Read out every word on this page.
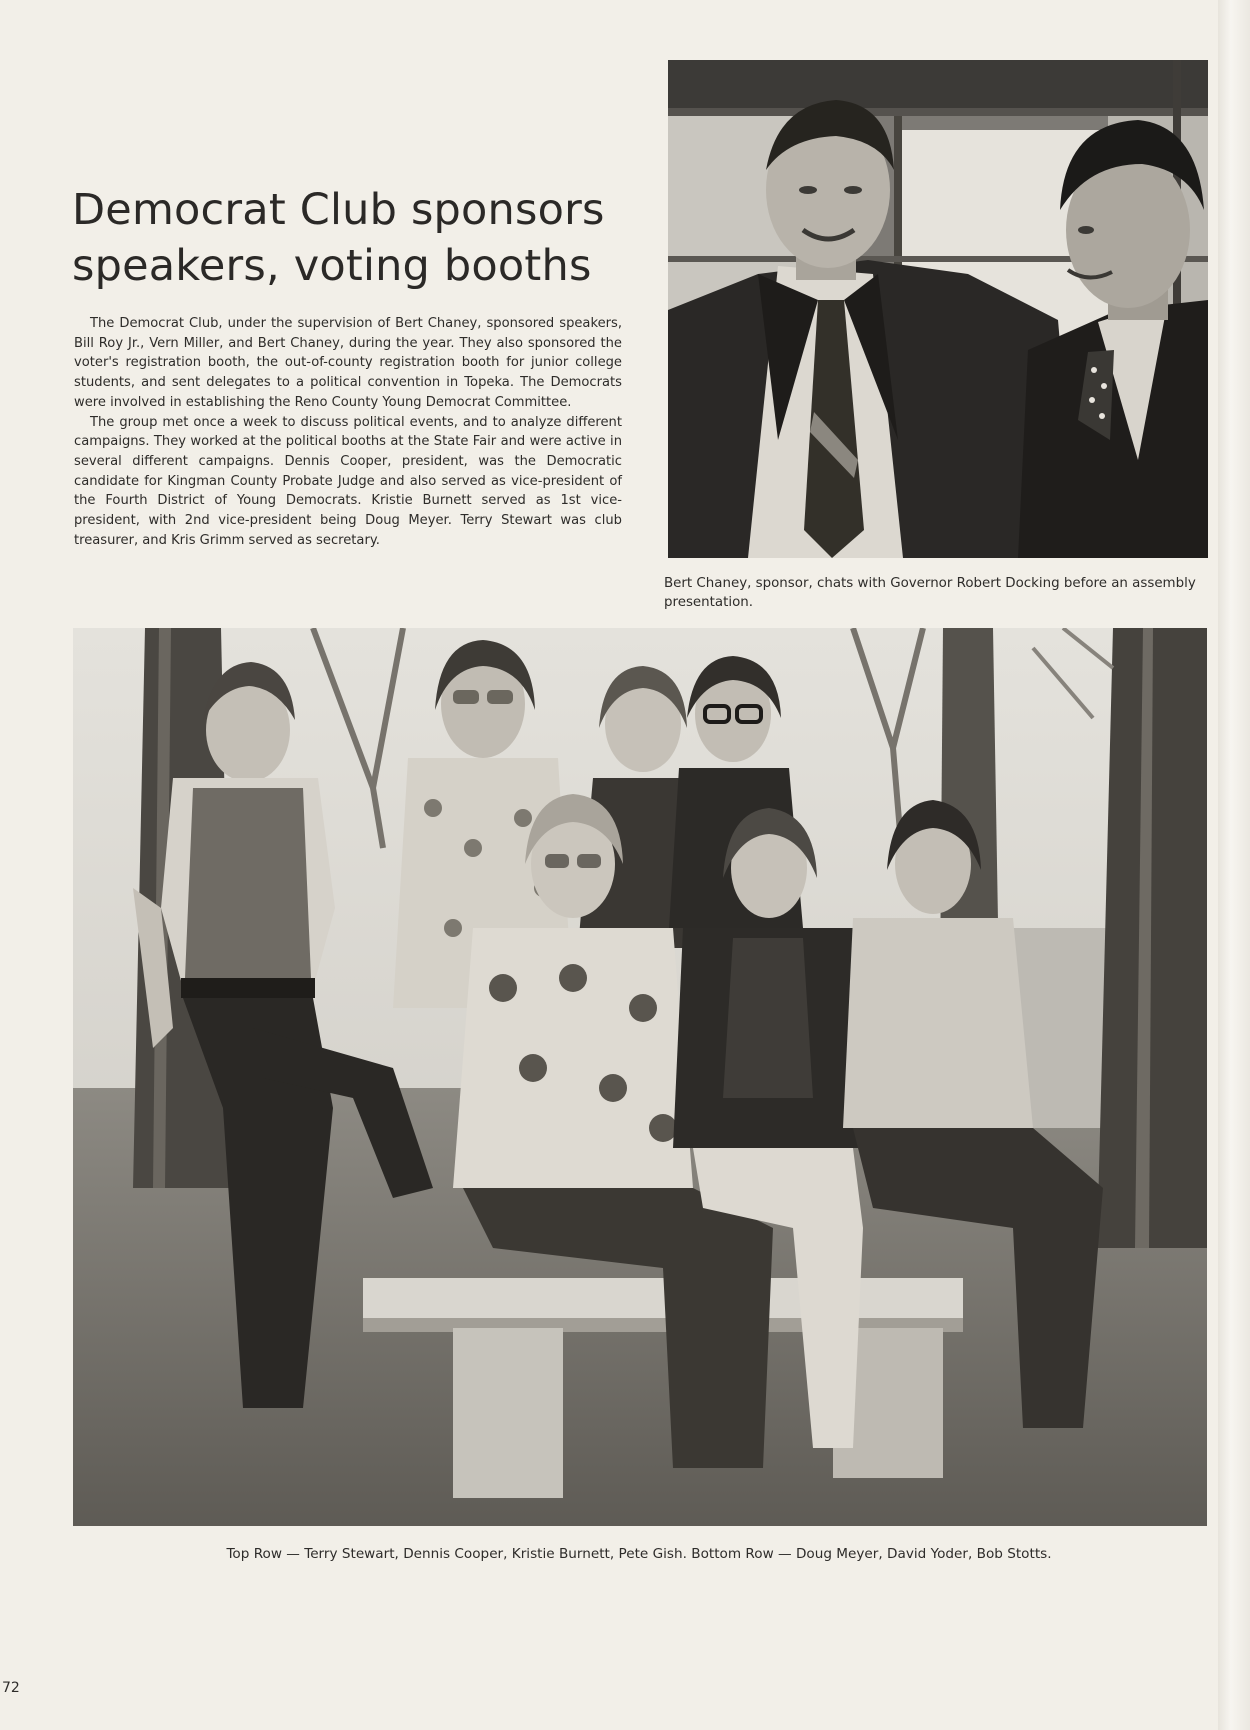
Democrat Club sponsors speakers, voting booths

The Democrat Club, under the supervision of Bert Chaney, sponsored speakers, Bill Roy Jr., Vern Miller, and Bert Chaney, during the year. They also sponsored the voter's registration booth, the out-of-county registration booth for junior college students, and sent delegates to a political convention in Topeka. The Democrats were involved in establishing the Reno County Young Democrat Committee.

The group met once a week to discuss political events, and to analyze different campaigns. They worked at the political booths at the State Fair and were active in several different campaigns. Dennis Cooper, president, was the Democratic candidate for Kingman County Probate Judge and also served as vice-president of the Fourth District of Young Democrats. Kristie Burnett served as 1st vice-president, with 2nd vice-president being Doug Meyer. Terry Stewart was club treasurer, and Kris Grimm served as secretary.

Bert Chaney, sponsor, chats with Governor Robert Docking before an assembly presentation.
Top Row — Terry Stewart, Dennis Cooper, Kristie Burnett, Pete Gish. Bottom Row — Doug Meyer, David Yoder, Bob Stotts.
72
